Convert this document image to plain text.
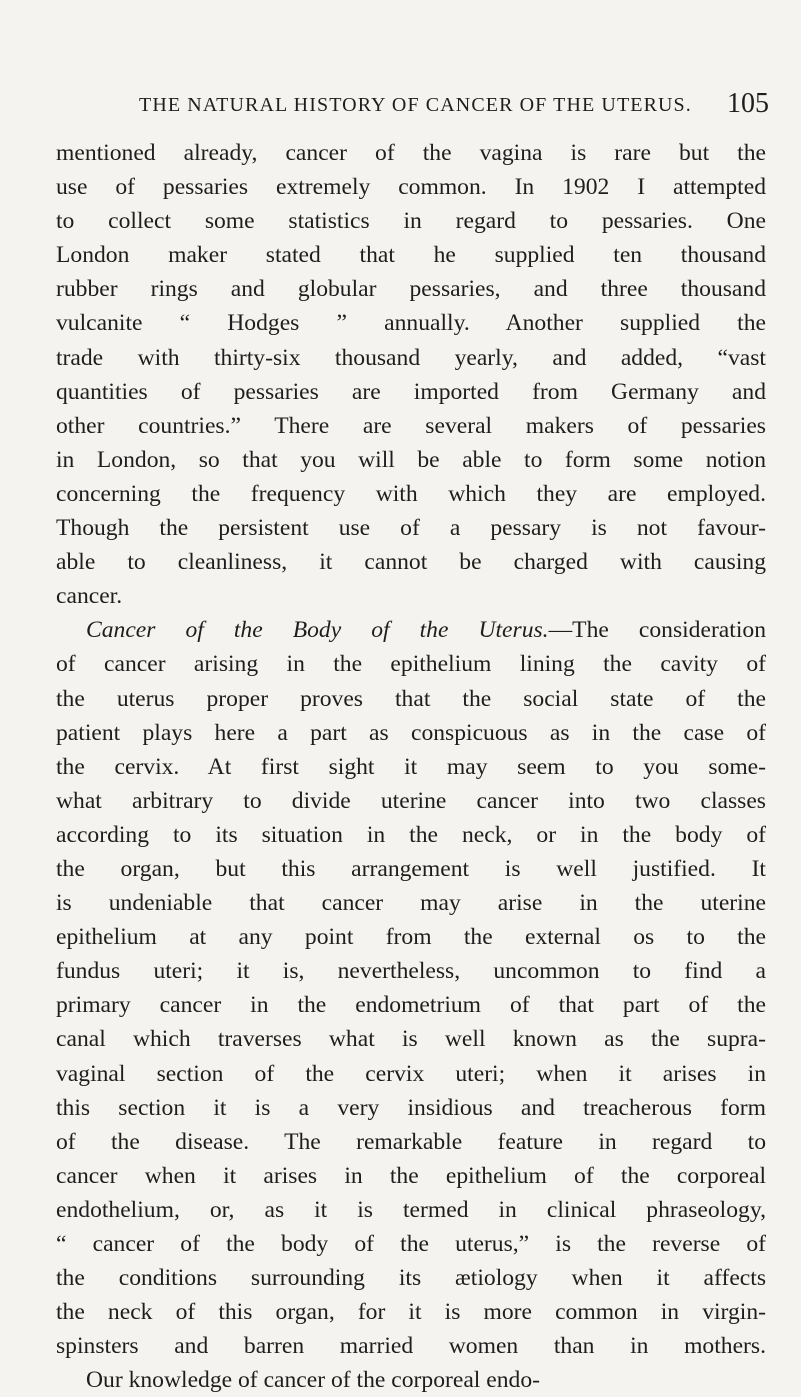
THE NATURAL HISTORY OF CANCER OF THE UTERUS. 105
mentioned already, cancer of the vagina is rare but the
use of pessaries extremely common. In 1902 I attempted
to collect some statistics in regard to pessaries. One
London maker stated that he supplied ten thousand
rubber rings and globular pessaries, and three thousand
vulcanite “ Hodges ” annually. Another supplied the
trade with thirty-six thousand yearly, and added, “vast
quantities of pessaries are imported from Germany and
other countries.” There are several makers of pessaries
in London, so that you will be able to form some notion
concerning the frequency with which they are employed.
Though the persistent use of a pessary is not favour-
able to cleanliness, it cannot be charged with causing
cancer.
Cancer of the Body of the Uterus.—The consideration
of cancer arising in the epithelium lining the cavity of
the uterus proper proves that the social state of the
patient plays here a part as conspicuous as in the case of
the cervix. At first sight it may seem to you some-
what arbitrary to divide uterine cancer into two classes
according to its situation in the neck, or in the body of
the organ, but this arrangement is well justified. It
is undeniable that cancer may arise in the uterine
epithelium at any point from the external os to the
fundus uteri; it is, nevertheless, uncommon to find a
primary cancer in the endometrium of that part of the
canal which traverses what is well known as the supra-
vaginal section of the cervix uteri; when it arises in
this section it is a very insidious and treacherous form
of the disease. The remarkable feature in regard to
cancer when it arises in the epithelium of the corporeal
endothelium, or, as it is termed in clinical phraseology,
“ cancer of the body of the uterus,” is the reverse of
the conditions surrounding its ætiology when it affects
the neck of this organ, for it is more common in virgin-
spinsters and barren married women than in mothers.
Our knowledge of cancer of the corporeal endo-
